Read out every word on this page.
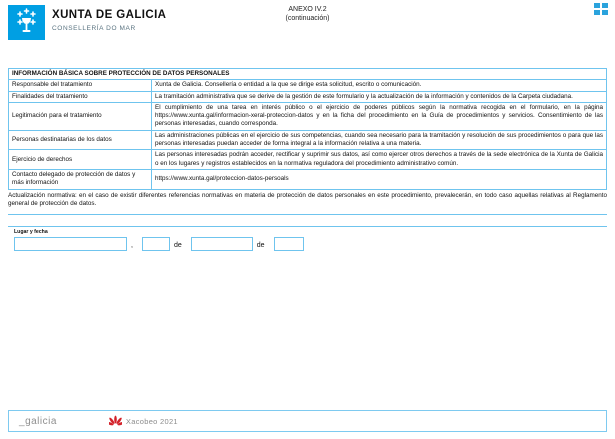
XUNTA DE GALICIA
CONSELLERÍA DO MAR
ANEXO IV.2
(continuación)
INFORMACIÓN BÁSICA SOBRE PROTECCIÓN DE DATOS PERSONALES	
Responsable del tratamiento	Xunta de Galicia. Consellería o entidad a la que se dirige esta solicitud, escrito o comunicación.
Finalidades del tratamiento	La tramitación administrativa que se derive de la gestión de este formulario y la actualización de la información y contenidos de la Carpeta ciudadana.
Legitimación para el tratamiento	El cumplimiento de una tarea en interés público o el ejercicio de poderes públicos según la normativa recogida en el formulario, en la página https://www.xunta.gal/informacion-xeral-proteccion-datos y en la ficha del procedimiento en la Guía de procedimientos y servicios. Consentimiento de las personas interesadas, cuando corresponda.
Personas destinatarias de los datos	Las administraciones públicas en el ejercicio de sus competencias, cuando sea necesario para la tramitación y resolución de sus procedimientos o para que las personas interesadas puedan acceder de forma integral a la información relativa a una materia.
Ejercicio de derechos	Las personas interesadas podrán acceder, rectificar y suprimir sus datos, así como ejercer otros derechos a través de la sede electrónica de la Xunta de Galicia o en los lugares y registros establecidos en la normativa reguladora del procedimiento administrativo común.
Contacto delegado de protección de datos y más información	https://www.xunta.gal/proteccion-datos-persoals
Actualización normativa: en el caso de existir diferentes referencias normativas en materia de protección de datos personales en este procedimiento, prevalecerán, en todo caso aquellas relativas al Reglamento general de protección de datos.
Lugar y fecha
,	de	de
_galicia	Xacobeo 2021
